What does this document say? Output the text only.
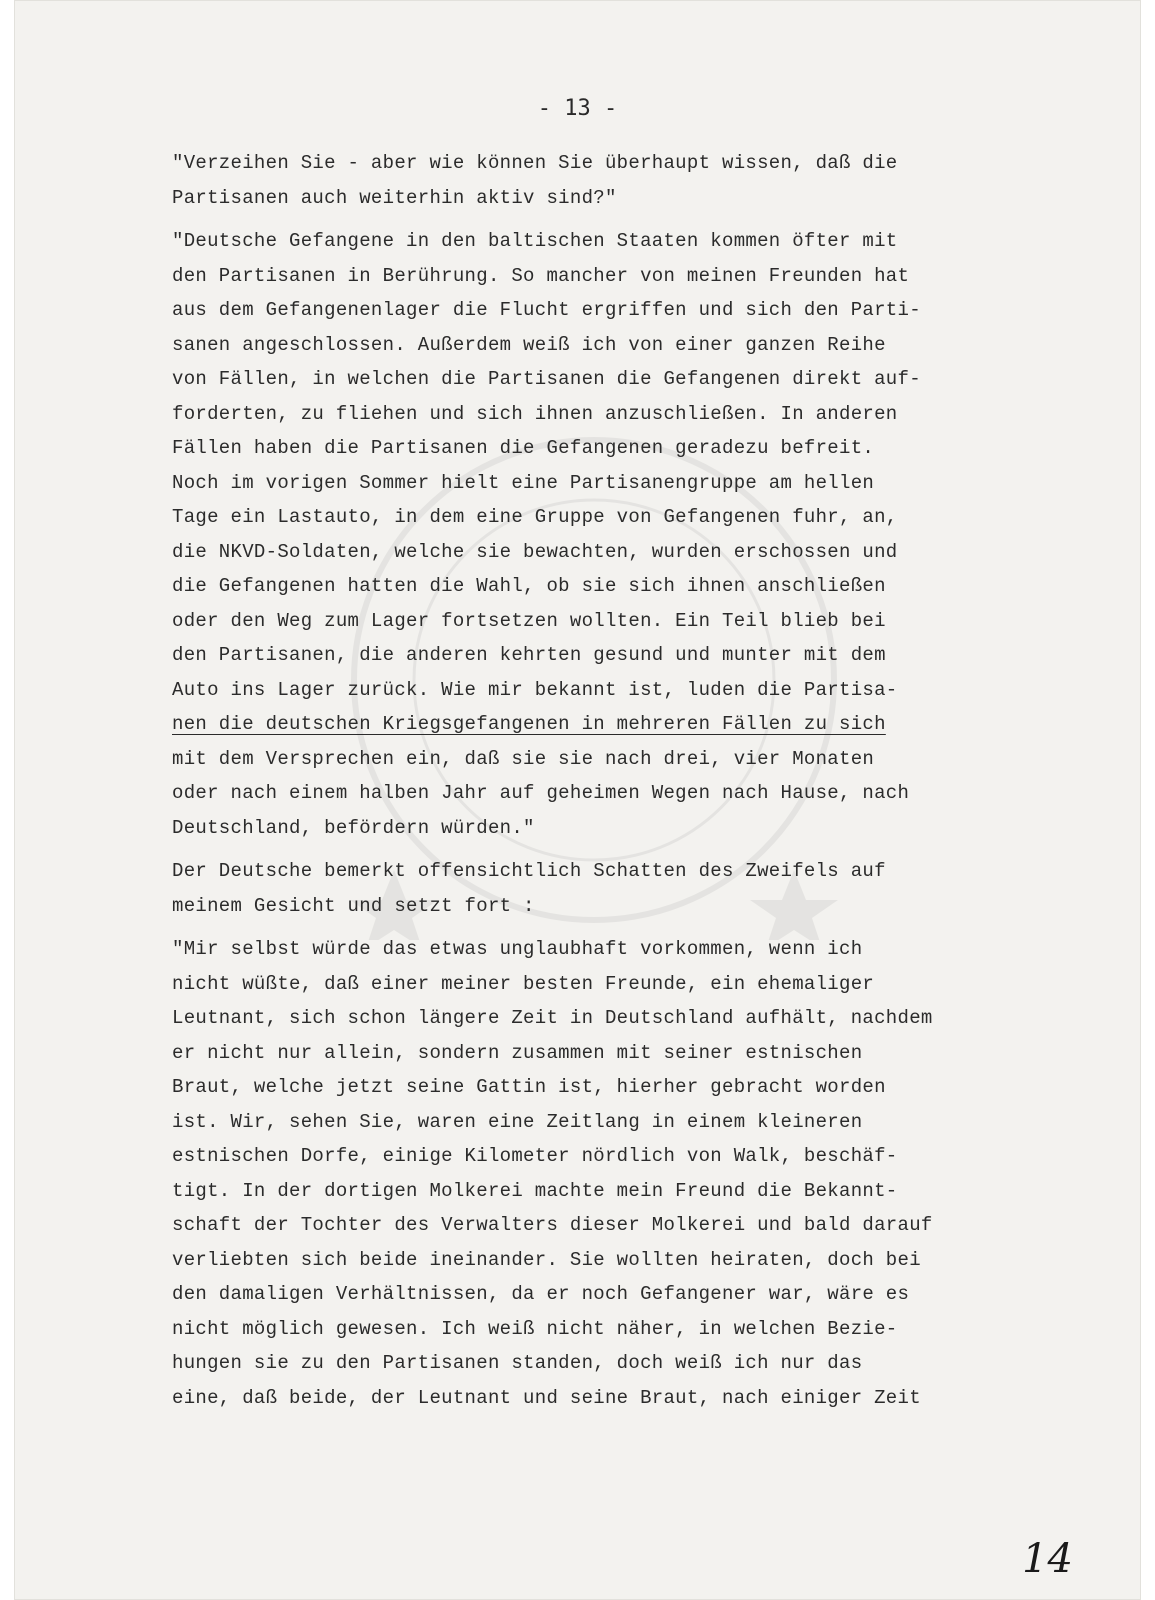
- 13 -

"Verzeihen Sie - aber wie können Sie überhaupt wissen, daß die
Partisanen auch weiterhin aktiv sind?"

"Deutsche Gefangene in den baltischen Staaten kommen öfter mit
den Partisanen in Berührung. So mancher von meinen Freunden hat
aus dem Gefangenenlager die Flucht ergriffen und sich den Parti-
sanen angeschlossen. Außerdem weiß ich von einer ganzen Reihe
von Fällen, in welchen die Partisanen die Gefangenen direkt auf-
forderten, zu fliehen und sich ihnen anzuschließen. In anderen
Fällen haben die Partisanen die Gefangenen geradezu befreit.
Noch im vorigen Sommer hielt eine Partisanengruppe am hellen
Tage ein Lastauto, in dem eine Gruppe von Gefangenen fuhr, an,
die NKVD-Soldaten, welche sie bewachten, wurden erschossen und
die Gefangenen hatten die Wahl, ob sie sich ihnen anschließen
oder den Weg zum Lager fortsetzen wollten. Ein Teil blieb bei
den Partisanen, die anderen kehrten gesund und munter mit dem
Auto ins Lager zurück. Wie mir bekannt ist, luden die Partisa-
nen die deutschen Kriegsgefangenen in mehreren Fällen zu sich
mit dem Versprechen ein, daß sie sie nach drei, vier Monaten
oder nach einem halben Jahr auf geheimen Wegen nach Hause, nach
Deutschland, befördern würden."

Der Deutsche bemerkt offensichtlich Schatten des Zweifels auf
meinem Gesicht und setzt fort :

"Mir selbst würde das etwas unglaubhaft vorkommen, wenn ich
nicht wüßte, daß einer meiner besten Freunde, ein ehemaliger
Leutnant, sich schon längere Zeit in Deutschland aufhält, nachdem
er nicht nur allein, sondern zusammen mit seiner estnischen
Braut, welche jetzt seine Gattin ist, hierher gebracht worden
ist. Wir, sehen Sie, waren eine Zeitlang in einem kleineren
estnischen Dorfe, einige Kilometer nördlich von Walk, beschäf-
tigt. In der dortigen Molkerei machte mein Freund die Bekannt-
schaft der Tochter des Verwalters dieser Molkerei und bald darauf
verliebten sich beide ineinander. Sie wollten heiraten, doch bei
den damaligen Verhältnissen, da er noch Gefangener war, wäre es
nicht möglich gewesen. Ich weiß nicht näher, in welchen Bezie-
hungen sie zu den Partisanen standen, doch weiß ich nur das
eine, daß beide, der Leutnant und seine Braut, nach einiger Zeit

14
